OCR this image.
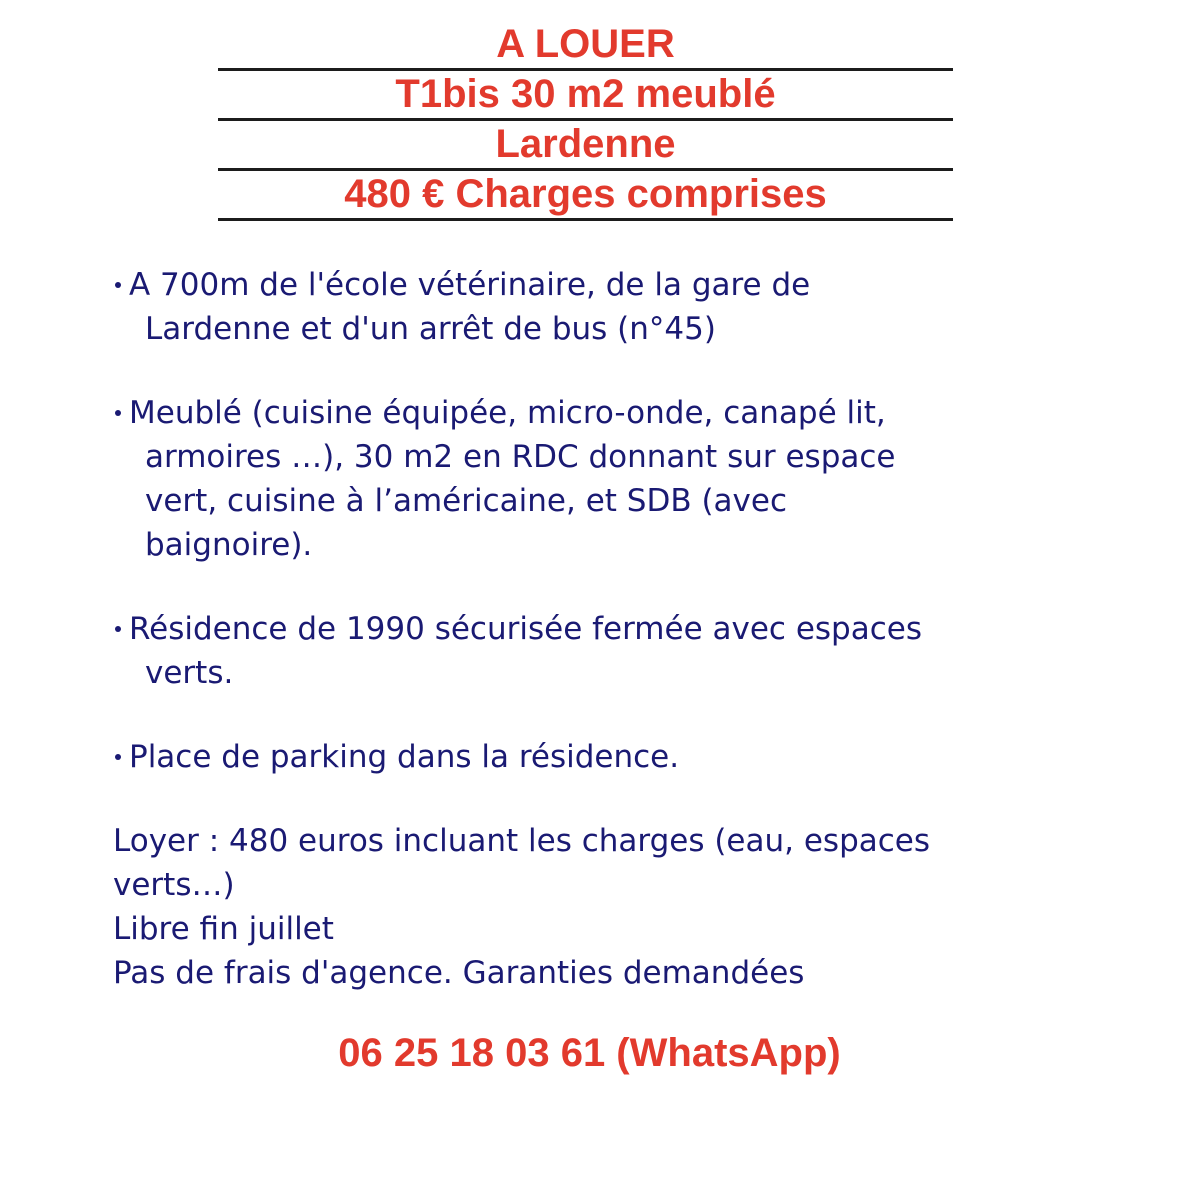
A LOUER
T1bis 30 m2 meublé
Lardenne
480 € Charges comprises
A 700m de l'école vétérinaire, de la gare de
Lardenne et d'un arrêt de bus (n°45)
Meublé (cuisine équipée, micro-onde, canapé lit,
armoires …), 30 m2 en RDC donnant sur espace
vert, cuisine à l’américaine, et SDB (avec
baignoire).
Résidence de 1990 sécurisée fermée avec espaces
verts.
Place de parking dans la résidence.
Loyer : 480 euros incluant les charges (eau, espaces
verts…)
Libre fin juillet
Pas de frais d'agence. Garanties demandées
06 25 18 03 61 (WhatsApp)
